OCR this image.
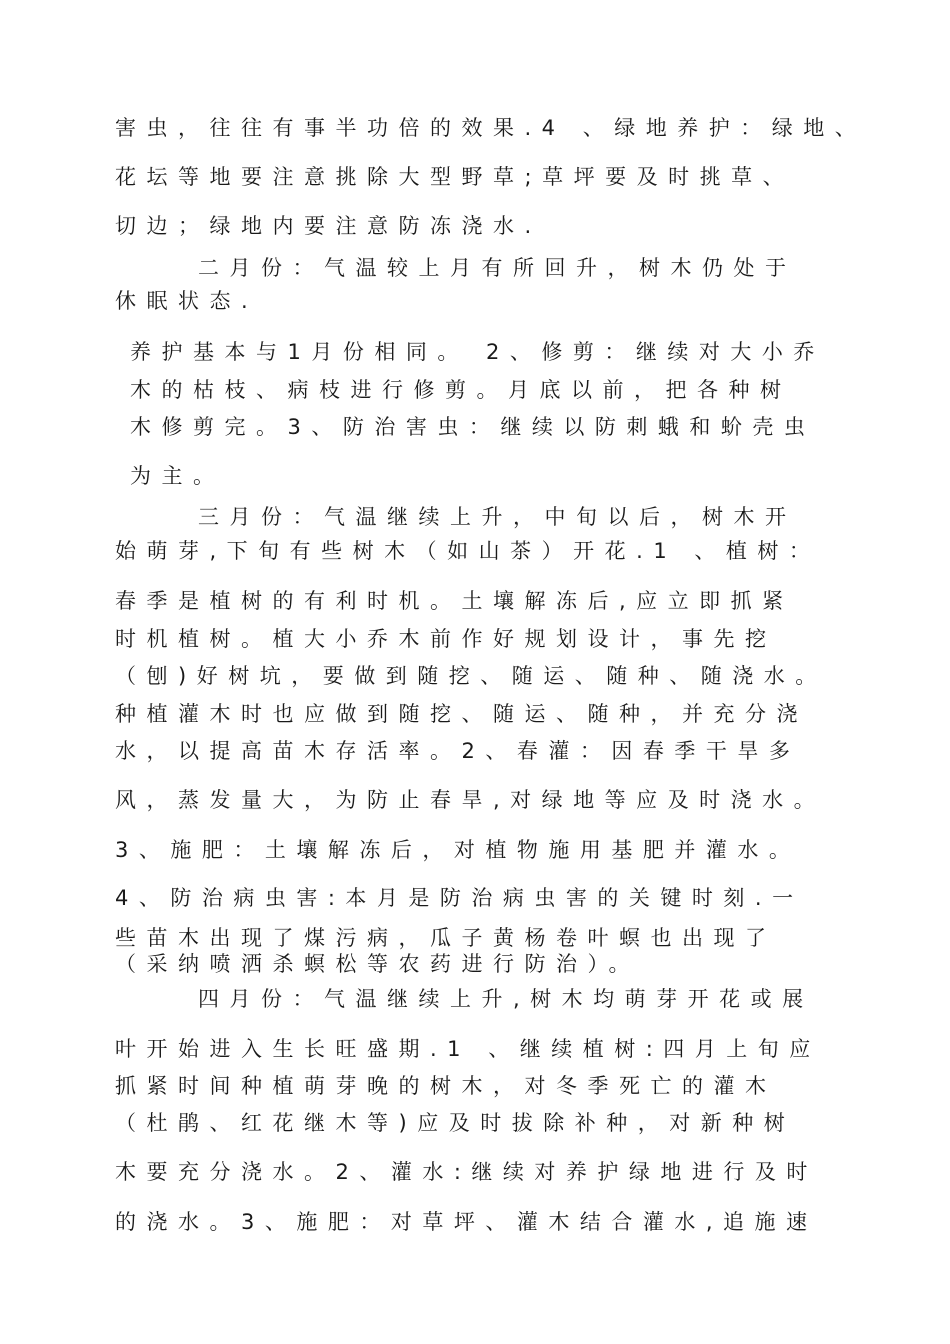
害虫，往往有事半功倍的效果.4 、绿地养护：绿地、
花坛等地要注意挑除大型野草;草坪要及时挑草、
切边；绿地内要注意防冻浇水.
二月份：气温较上月有所回升，树木仍处于
休眠状态.
养护基本与1月份相同。 2、修剪：继续对大小乔
木的枯枝、病枝进行修剪。月底以前，把各种树
木修剪完。3、防治害虫：继续以防刺蛾和蚧壳虫
为主。
三月份：气温继续上升，中旬以后，树木开
始萌芽,下旬有些树木（如山茶）开花.1 、植树：
春季是植树的有利时机。土壤解冻后,应立即抓紧
时机植树。植大小乔木前作好规划设计，事先挖
（刨)好树坑，要做到随挖、随运、随种、随浇水。
种植灌木时也应做到随挖、随运、随种，并充分浇
水，以提高苗木存活率。2、春灌：因春季干旱多
风，蒸发量大，为防止春旱,对绿地等应及时浇水。
3、施肥：土壤解冻后，对植物施用基肥并灌水。
4、防治病虫害:本月是防治病虫害的关键时刻.一
些苗木出现了煤污病，瓜子黄杨卷叶螟也出现了
（采纳喷洒杀螟松等农药进行防治）。
四月份：气温继续上升,树木均萌芽开花或展
叶开始进入生长旺盛期.1 、继续植树:四月上旬应
抓紧时间种植萌芽晚的树木，对冬季死亡的灌木
（杜鹃、红花继木等)应及时拔除补种，对新种树
木要充分浇水。2、灌水:继续对养护绿地进行及时
的浇水。3、施肥：对草坪、灌木结合灌水,追施速
